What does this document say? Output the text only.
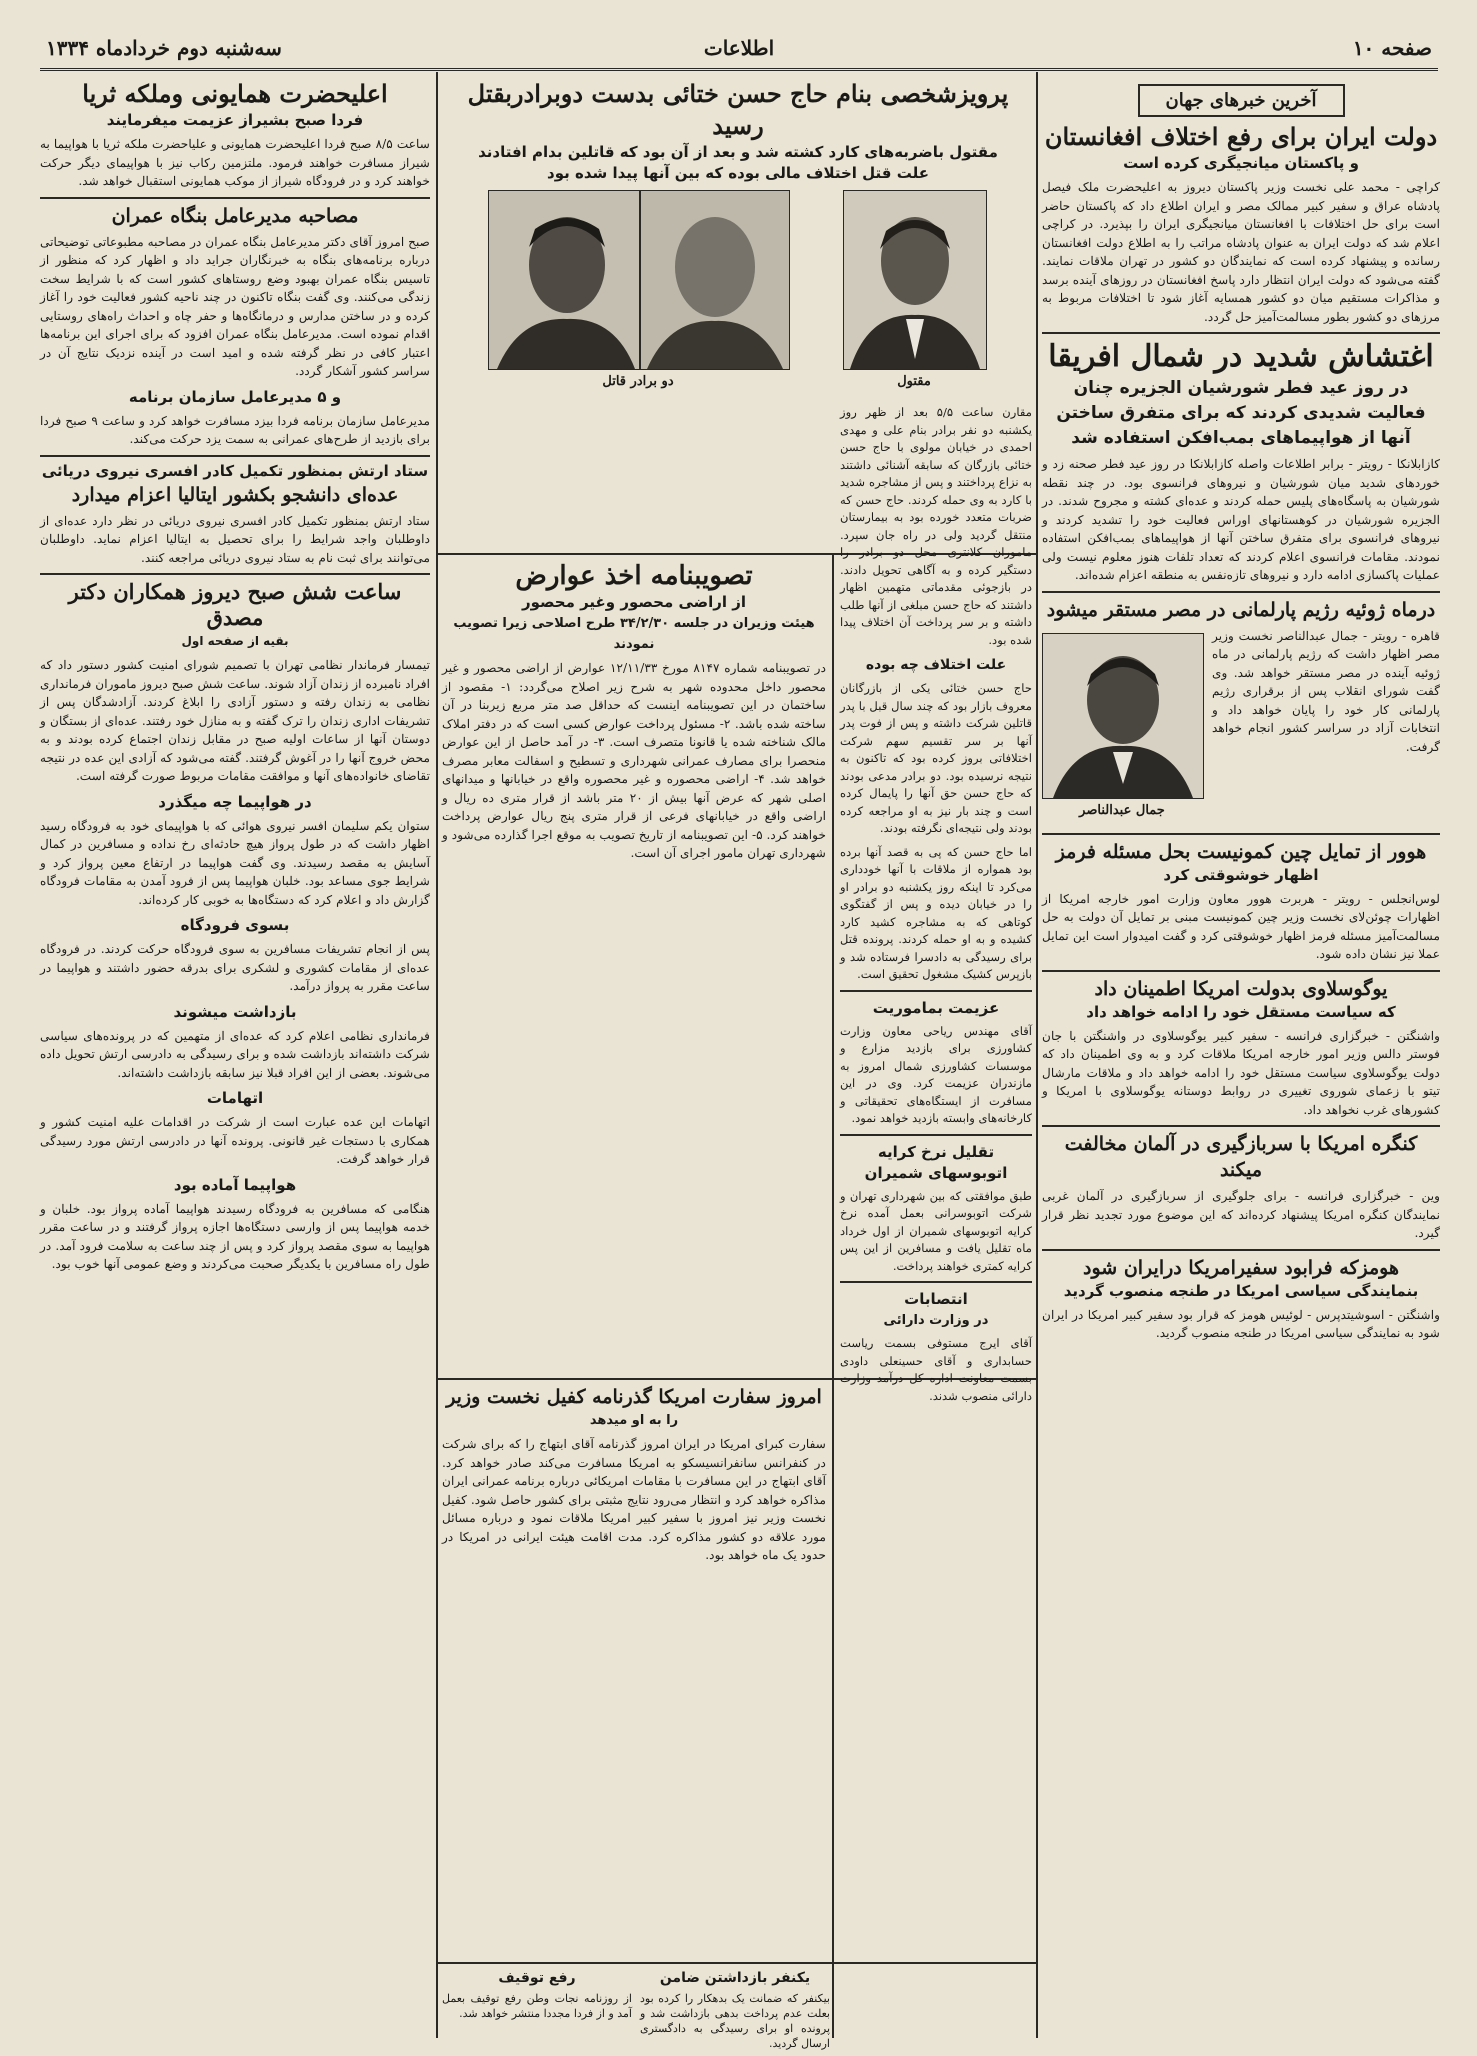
صفحه ۱۰
اطلاعات
سه‌شنبه دوم خردادماه ۱۳۳۴
آخرین خبرهای جهان
دولت ایران برای رفع اختلاف افغانستان
و پاکستان میانجیگری کرده است

کراچی - محمد علی نخست وزیر پاکستان دیروز به اعلیحضرت ملک فیصل پادشاه عراق و سفیر کبیر ممالک مصر و ایران اطلاع داد که پاکستان حاضر است برای حل اختلافات با افغانستان میانجیگری ایران را بپذیرد. در کراچی اعلام شد که دولت ایران به عنوان پادشاه مراتب را به اطلاع دولت افغانستان رسانده و پیشنهاد کرده است که نمایندگان دو کشور در تهران ملاقات نمایند. گفته می‌شود که دولت ایران انتظار دارد پاسخ افغانستان در روزهای آینده برسد و مذاکرات مستقیم میان دو کشور همسایه آغاز شود تا اختلافات مربوط به مرزهای دو کشور بطور مسالمت‌آمیز حل گردد.

اغتشاش شدید در شمال افریقا
در روز عید فطر شورشیان الجزیره چنان فعالیت شدیدی کردند که برای متفرق ساختن آنها از هواپیماهای بمب‌افکن استفاده شد

کازابلانکا - رویتر - برابر اطلاعات واصله کازابلانکا در روز عید فطر صحنه زد و خوردهای شدید میان شورشیان و نیروهای فرانسوی بود. در چند نقطه شورشیان به پاسگاه‌های پلیس حمله کردند و عده‌ای کشته و مجروح شدند. در الجزیره شورشیان در کوهستانهای اوراس فعالیت خود را تشدید کردند و نیروهای فرانسوی برای متفرق ساختن آنها از هواپیماهای بمب‌افکن استفاده نمودند. مقامات فرانسوی اعلام کردند که تعداد تلفات هنوز معلوم نیست ولی عملیات پاکسازی ادامه دارد و نیروهای تازه‌نفس به منطقه اعزام شده‌اند.

درماه ژوئیه رژیم پارلمانی در مصر مستقر میشود

قاهره - رویتر - جمال عبدالناصر نخست وزیر مصر اظهار داشت که رژیم پارلمانی در ماه ژوئیه آینده در مصر مستقر خواهد شد. وی گفت شورای انقلاب پس از برقراری رژیم پارلمانی کار خود را پایان خواهد داد و انتخابات آزاد در سراسر کشور انجام خواهد گرفت.

جمال عبدالناصر
هوور از تمایل چین کمونیست بحل مسئله فرمز
اظهار خوشوقتی کرد

لوس‌انجلس - رویتر - هربرت هوور معاون وزارت امور خارجه امریکا از اظهارات چوئن‌لای نخست وزیر چین کمونیست مبنی بر تمایل آن دولت به حل مسالمت‌آمیز مسئله فرمز اظهار خوشوقتی کرد و گفت امیدوار است این تمایل عملا نیز نشان داده شود.

یوگوسلاوی بدولت امریکا اطمینان داد
که سیاست مستقل خود را ادامه خواهد داد

واشنگتن - خبرگزاری فرانسه - سفیر کبیر یوگوسلاوی در واشنگتن با جان فوستر دالس وزیر امور خارجه امریکا ملاقات کرد و به وی اطمینان داد که دولت یوگوسلاوی سیاست مستقل خود را ادامه خواهد داد و ملاقات مارشال تیتو با زعمای شوروی تغییری در روابط دوستانه یوگوسلاوی با امریکا و کشورهای غرب نخواهد داد.

کنگره امریکا با سربازگیری در آلمان مخالفت میکند

وین - خبرگزاری فرانسه - برای جلوگیری از سربازگیری در آلمان غربی نمایندگان کنگره امریکا پیشنهاد کرده‌اند که این موضوع مورد تجدید نظر قرار گیرد.

هومزکه فرابود سفیرامریکا درایران شود
بنمایندگی سیاسی امریکا در طنجه منصوب گردید

واشنگتن - اسوشیتدپرس - لوئیس هومز که قرار بود سفیر کبیر امریکا در ایران شود به نمایندگی سیاسی امریکا در طنجه منصوب گردید.

پرویزشخصی بنام حاج حسن ختائی بدست دوبرادربقتل رسید
مقتول باضربه‌های کارد کشته شد و بعد از آن بود که قاتلین بدام افتادند
علت قتل اختلاف مالی بوده که بین آنها پیدا شده بود
مقتول
دو برادر قاتل

مقارن ساعت ۵/۵ بعد از ظهر روز یکشنبه دو نفر برادر بنام علی و مهدی احمدی در خیابان مولوی با حاج حسن ختائی بازرگان که سابقه آشنائی داشتند به نزاع پرداختند و پس از مشاجره شدید با کارد به وی حمله کردند. حاج حسن که ضربات متعدد خورده بود به بیمارستان منتقل گردید ولی در راه جان سپرد. ماموران کلانتری محل دو برادر را دستگیر کرده و به آگاهی تحویل دادند. در بازجوئی مقدماتی متهمین اظهار داشتند که حاج حسن مبلغی از آنها طلب داشته و بر سر پرداخت آن اختلاف پیدا شده بود.

علت اختلاف چه بوده

حاج حسن ختائی یکی از بازرگانان معروف بازار بود که چند سال قبل با پدر قاتلین شرکت داشته و پس از فوت پدر آنها بر سر تقسیم سهم شرکت اختلافاتی بروز کرده بود که تاکنون به نتیجه نرسیده بود. دو برادر مدعی بودند که حاج حسن حق آنها را پایمال کرده است و چند بار نیز به او مراجعه کرده بودند ولی نتیجه‌ای نگرفته بودند.

اما حاج حسن که پی به قصد آنها برده بود همواره از ملاقات با آنها خودداری می‌کرد تا اینکه روز یکشنبه دو برادر او را در خیابان دیده و پس از گفتگوی کوتاهی که به مشاجره کشید کارد کشیده و به او حمله کردند. پرونده قتل برای رسیدگی به دادسرا فرستاده شد و بازپرس کشیک مشغول تحقیق است.

عزیمت بماموریت

آقای مهندس ریاحی معاون وزارت کشاورزی برای بازدید مزارع و موسسات کشاورزی شمال امروز به مازندران عزیمت کرد. وی در این مسافرت از ایستگاه‌های تحقیقاتی و کارخانه‌های وابسته بازدید خواهد نمود.

تقلیل نرخ کرایه اتوبوسهای شمیران

طبق موافقتی که بین شهرداری تهران و شرکت اتوبوسرانی بعمل آمده نرخ کرایه اتوبوسهای شمیران از اول خرداد ماه تقلیل یافت و مسافرین از این پس کرایه کمتری خواهند پرداخت.

انتصابات
در وزارت دارائی

آقای ایرج مستوفی بسمت ریاست حسابداری و آقای حسینعلی داودی بسمت معاونت اداره کل درآمد وزارت دارائی منصوب شدند.

تصویبنامه اخذ عوارض
از اراضی محصور وغیر محصور
هیئت وزیران در جلسه ۳۴/۲/۳۰ طرح اصلاحی زیرا تصویب نمودند

در تصویبنامه شماره ۸۱۴۷ مورخ ۱۲/۱۱/۳۳ عوارض از اراضی محصور و غیر محصور داخل محدوده شهر به شرح زیر اصلاح می‌گردد: ۱- مقصود از ساختمان در این تصویبنامه اینست که حداقل صد متر مربع زیربنا در آن ساخته شده باشد. ۲- مسئول پرداخت عوارض کسی است که در دفتر املاک مالک شناخته شده یا قانونا متصرف است. ۳- در آمد حاصل از این عوارض منحصرا برای مصارف عمرانی شهرداری و تسطیح و اسفالت معابر مصرف خواهد شد. ۴- اراضی محصوره و غیر محصوره واقع در خیابانها و میدانهای اصلی شهر که عرض آنها بیش از ۲۰ متر باشد از قرار متری ده ریال و اراضی واقع در خیابانهای فرعی از قرار متری پنج ریال عوارض پرداخت خواهند کرد. ۵- این تصویبنامه از تاریخ تصویب به موقع اجرا گذارده می‌شود و شهرداری تهران مامور اجرای آن است.

امروز سفارت امریکا گذرنامه کفیل نخست وزیر
را به او میدهد

سفارت کبرای امریکا در ایران امروز گذرنامه آقای ابتهاج را که برای شرکت در کنفرانس سانفرانسیسکو به امریکا مسافرت می‌کند صادر خواهد کرد. آقای ابتهاج در این مسافرت با مقامات امریکائی درباره برنامه عمرانی ایران مذاکره خواهد کرد و انتظار می‌رود نتایج مثبتی برای کشور حاصل شود. کفیل نخست وزیر نیز امروز با سفیر کبیر امریکا ملاقات نمود و درباره مسائل مورد علاقه دو کشور مذاکره کرد. مدت اقامت هیئت ایرانی در امریکا در حدود یک ماه خواهد بود.

یکنفر بازداشتن ضامن

بیکنفر که ضمانت یک بدهکار را کرده بود بعلت عدم پرداخت بدهی بازداشت شد و پرونده او برای رسیدگی به دادگستری ارسال گردید.

رفع توقیف

از روزنامه نجات وطن رفع توقیف بعمل آمد و از فردا مجددا منتشر خواهد شد.

اعلیحضرت همایونی وملکه ثریا
فردا صبح بشیراز عزیمت میفرمایند

ساعت ۸/۵ صبح فردا اعلیحضرت همایونی و علیاحضرت ملکه ثریا با هواپیما به شیراز مسافرت خواهند فرمود. ملتزمین رکاب نیز با هواپیمای دیگر حرکت خواهند کرد و در فرودگاه شیراز از موکب همایونی استقبال خواهد شد.

مصاحبه مدیرعامل بنگاه عمران

صبح امروز آقای دکتر مدیرعامل بنگاه عمران در مصاحبه مطبوعاتی توضیحاتی درباره برنامه‌های بنگاه به خبرنگاران جراید داد و اظهار کرد که منظور از تاسیس بنگاه عمران بهبود وضع روستاهای کشور است که با شرایط سخت زندگی می‌کنند. وی گفت بنگاه تاکنون در چند ناحیه کشور فعالیت خود را آغاز کرده و در ساختن مدارس و درمانگاه‌ها و حفر چاه و احداث راه‌های روستایی اقدام نموده است. مدیرعامل بنگاه عمران افزود که برای اجرای این برنامه‌ها اعتبار کافی در نظر گرفته شده و امید است در آینده نزدیک نتایج آن در سراسر کشور آشکار گردد.

و ۵ مدیرعامل سازمان برنامه

مدیرعامل سازمان برنامه فردا بیزد مسافرت خواهد کرد و ساعت ۹ صبح فردا برای بازدید از طرح‌های عمرانی به سمت یزد حرکت می‌کند.

ستاد ارتش بمنظور تکمیل کادر افسری نیروی دریائی
عده‌ای دانشجو بکشور ایتالیا اعزام میدارد

ستاد ارتش بمنظور تکمیل کادر افسری نیروی دریائی در نظر دارد عده‌ای از داوطلبان واجد شرایط را برای تحصیل به ایتالیا اعزام نماید. داوطلبان می‌توانند برای ثبت نام به ستاد نیروی دریائی مراجعه کنند.

ساعت شش صبح دیروز همکاران دکتر مصدق
بقیه از صفحه اول

تیمسار فرماندار نظامی تهران با تصمیم شورای امنیت کشور دستور داد که افراد نامبرده از زندان آزاد شوند. ساعت شش صبح دیروز ماموران فرمانداری نظامی به زندان رفته و دستور آزادی را ابلاغ کردند. آزادشدگان پس از تشریفات اداری زندان را ترک گفته و به منازل خود رفتند. عده‌ای از بستگان و دوستان آنها از ساعات اولیه صبح در مقابل زندان اجتماع کرده بودند و به محض خروج آنها را در آغوش گرفتند. گفته می‌شود که آزادی این عده در نتیجه تقاضای خانواده‌های آنها و موافقت مقامات مربوط صورت گرفته است.

در هواپیما چه میگذرد

ستوان یکم سلیمان افسر نیروی هوائی که با هواپیمای خود به فرودگاه رسید اظهار داشت که در طول پرواز هیچ حادثه‌ای رخ نداده و مسافرین در کمال آسایش به مقصد رسیدند. وی گفت هواپیما در ارتفاع معین پرواز کرد و شرایط جوی مساعد بود. خلبان هواپیما پس از فرود آمدن به مقامات فرودگاه گزارش داد و اعلام کرد که دستگاه‌ها به خوبی کار کرده‌اند.

بسوی فرودگاه

پس از انجام تشریفات مسافرین به سوی فرودگاه حرکت کردند. در فرودگاه عده‌ای از مقامات کشوری و لشکری برای بدرقه حضور داشتند و هواپیما در ساعت مقرر به پرواز درآمد.

بازداشت میشوند

فرمانداری نظامی اعلام کرد که عده‌ای از متهمین که در پرونده‌های سیاسی شرکت داشته‌اند بازداشت شده و برای رسیدگی به دادرسی ارتش تحویل داده می‌شوند. بعضی از این افراد قبلا نیز سابقه بازداشت داشته‌اند.

اتهامات

اتهامات این عده عبارت است از شرکت در اقدامات علیه امنیت کشور و همکاری با دستجات غیر قانونی. پرونده آنها در دادرسی ارتش مورد رسیدگی قرار خواهد گرفت.

هواپیما آماده بود

هنگامی که مسافرین به فرودگاه رسیدند هواپیما آماده پرواز بود. خلبان و خدمه هواپیما پس از وارسی دستگاه‌ها اجازه پرواز گرفتند و در ساعت مقرر هواپیما به سوی مقصد پرواز کرد و پس از چند ساعت به سلامت فرود آمد. در طول راه مسافرین با یکدیگر صحبت می‌کردند و وضع عمومی آنها خوب بود.
